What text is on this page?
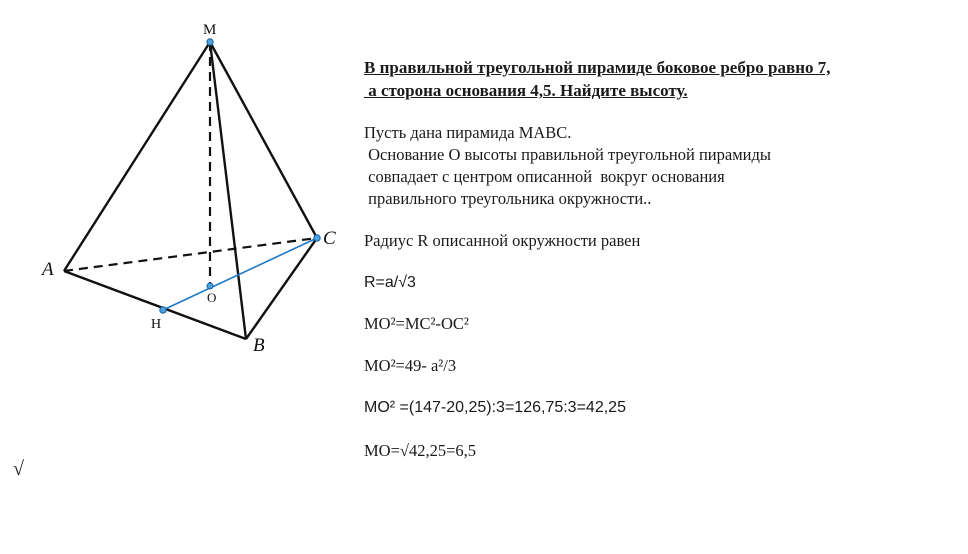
M
A
B
C
O
H

В правильной треугольной пирамиде боковое ребро равно 7,

а сторона основания 4,5. Найдите высоту.

Пусть дана пирамида MABC.

Основание О высоты правильной треугольной пирамиды

совпадает с центром описанной  вокруг основания

правильного треугольника окружности..

Радиус R описанной окружности равен

R=a/√3

MO²=MC²-OC²

MO²=49- a²/3

MO² =(147-20,25):3=126,75:3=42,25

MO=√42,25=6,5

√
